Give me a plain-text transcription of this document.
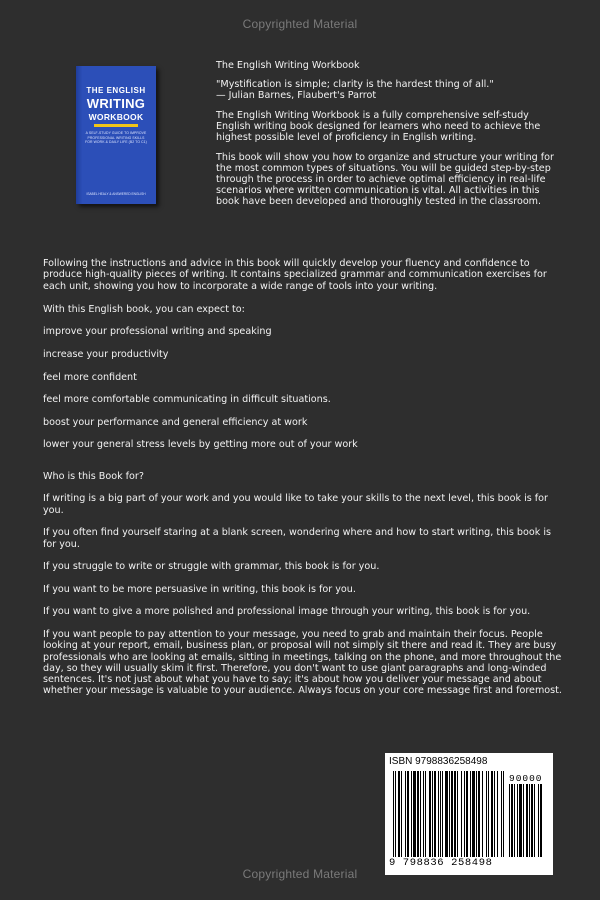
Copyrighted Material
THE ENGLISH
WRITING
WORKBOOK
A SELF-STUDY GUIDE TO IMPROVE PROFESSIONAL WRITING SKILLS FOR WORK & DAILY LIFE (B2 TO C1)
ISABEL HEALY & ANSWERED ENGLISH

The English Writing Workbook

"Mystification is simple; clarity is the hardest thing of all."
— Julian Barnes, Flaubert's Parrot

The English Writing Workbook is a fully comprehensive self-study English writing book designed for learners who need to achieve the highest possible level of proficiency in English writing.

This book will show you how to organize and structure your writing for the most common types of situations. You will be guided step-by-step through the process in order to achieve optimal efficiency in real-life scenarios where written communication is vital. All activities in this book have been developed and thoroughly tested in the classroom.

Following the instructions and advice in this book will quickly develop your fluency and confidence to produce high-quality pieces of writing. It contains specialized grammar and communication exercises for each unit, showing you how to incorporate a wide range of tools into your writing.

With this English book, you can expect to:

improve your professional writing and speaking

increase your productivity

feel more confident

feel more comfortable communicating in difficult situations.

boost your performance and general efficiency at work

lower your general stress levels by getting more out of your work

Who is this Book for?

If writing is a big part of your work and you would like to take your skills to the next level, this book is for you.

If you often find yourself staring at a blank screen, wondering where and how to start writing, this book is for you.

If you struggle to write or struggle with grammar, this book is for you.

If you want to be more persuasive in writing, this book is for you.

If you want to give a more polished and professional image through your writing, this book is for you.

If you want people to pay attention to your message, you need to grab and maintain their focus. People looking at your report, email, business plan, or proposal will not simply sit there and read it. They are busy professionals who are looking at emails, sitting in meetings, talking on the phone, and more throughout the day, so they will usually skim it first. Therefore, you don't want to use giant paragraphs and long-winded sentences. It's not just about what you have to say; it's about how you deliver your message and about whether your message is valuable to your audience. Always focus on your core message first and foremost.

ISBN 9798836258498
90000
9 798836 258498
Copyrighted Material
